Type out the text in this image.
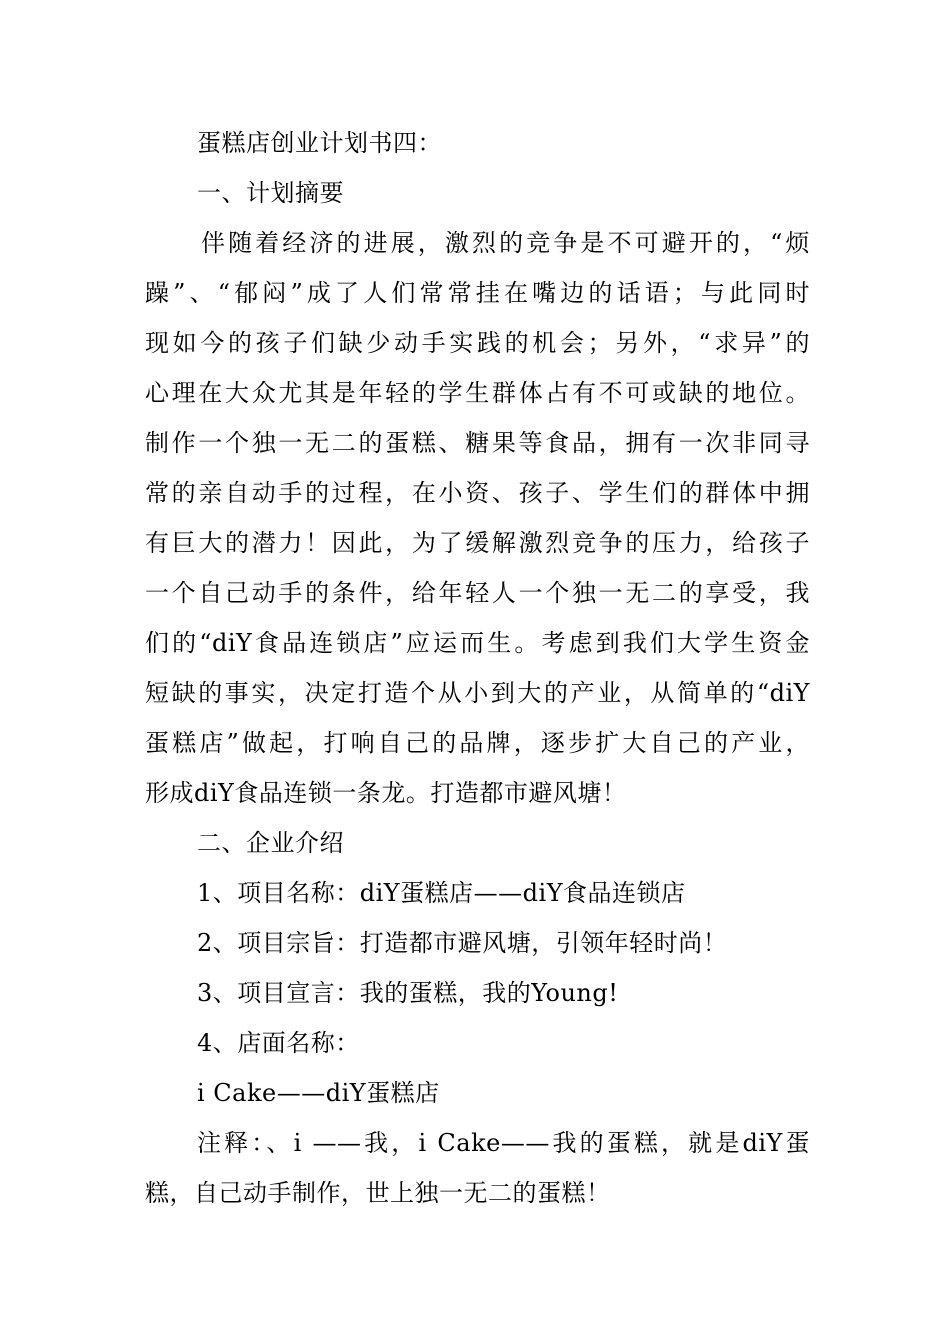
蛋糕店创业计划书四：
一、计划摘要
伴随着经济的进展，激烈的竞争是不可避开的，“烦
躁”、“郁闷”成了人们常常挂在嘴边的话语；与此同时
现如今的孩子们缺少动手实践的机会；另外，“求异”的
心理在大众尤其是年轻的学生群体占有不可或缺的地位。
制作一个独一无二的蛋糕、糖果等食品，拥有一次非同寻
常的亲自动手的过程，在小资、孩子、学生们的群体中拥
有巨大的潜力！因此，为了缓解激烈竞争的压力，给孩子
一个自己动手的条件，给年轻人一个独一无二的享受，我
们的“diY食品连锁店”应运而生。考虑到我们大学生资金
短缺的事实，决定打造个从小到大的产业，从简单的“diY
蛋糕店”做起，打响自己的品牌，逐步扩大自己的产业，
形成diY食品连锁一条龙。打造都市避风塘！
二、企业介绍
1、项目名称：diY蛋糕店——diY食品连锁店
2、项目宗旨：打造都市避风塘，引领年轻时尚！
3、项目宣言：我的蛋糕，我的Young!
4、店面名称：
i Cake——diY蛋糕店
注释：、i ——我，i Cake——我的蛋糕，就是diY蛋
糕，自己动手制作，世上独一无二的蛋糕！
